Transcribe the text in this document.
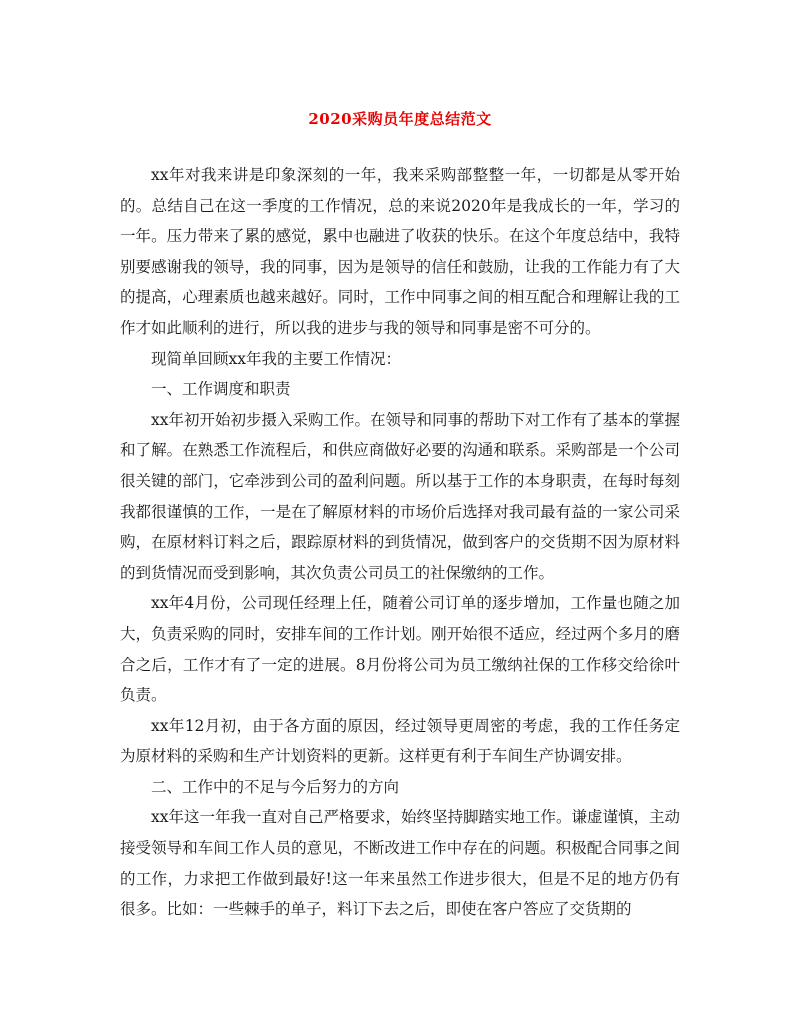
2020采购员年度总结范文

xx年对我来讲是印象深刻的一年，我来采购部整整一年，一切都是从零开始的。总结自己在这一季度的工作情况，总的来说2020年是我成长的一年，学习的一年。压力带来了累的感觉，累中也融进了收获的快乐。在这个年度总结中，我特别要感谢我的领导，我的同事，因为是领导的信任和鼓励，让我的工作能力有了大的提高，心理素质也越来越好。同时，工作中同事之间的相互配合和理解让我的工作才如此顺利的进行，所以我的进步与我的领导和同事是密不可分的。

现简单回顾xx年我的主要工作情况：

一、工作调度和职责

xx年初开始初步摄入采购工作。在领导和同事的帮助下对工作有了基本的掌握和了解。在熟悉工作流程后，和供应商做好必要的沟通和联系。采购部是一个公司很关键的部门，它牵涉到公司的盈利问题。所以基于工作的本身职责，在每时每刻我都很谨慎的工作，一是在了解原材料的市场价后选择对我司最有益的一家公司采购，在原材料订料之后，跟踪原材料的到货情况，做到客户的交货期不因为原材料的到货情况而受到影响，其次负责公司员工的社保缴纳的工作。

xx年4月份，公司现任经理上任，随着公司订单的逐步增加，工作量也随之加大，负责采购的同时，安排车间的工作计划。刚开始很不适应，经过两个多月的磨合之后，工作才有了一定的进展。8月份将公司为员工缴纳社保的工作移交给徐叶负责。

xx年12月初，由于各方面的原因，经过领导更周密的考虑，我的工作任务定为原材料的采购和生产计划资料的更新。这样更有利于车间生产协调安排。

二、工作中的不足与今后努力的方向

xx年这一年我一直对自己严格要求，始终坚持脚踏实地工作。谦虚谨慎，主动接受领导和车间工作人员的意见，不断改进工作中存在的问题。积极配合同事之间的工作，力求把工作做到最好!这一年来虽然工作进步很大，但是不足的地方仍有很多。比如：一些棘手的单子，料订下去之后，即使在客户答应了交货期的
